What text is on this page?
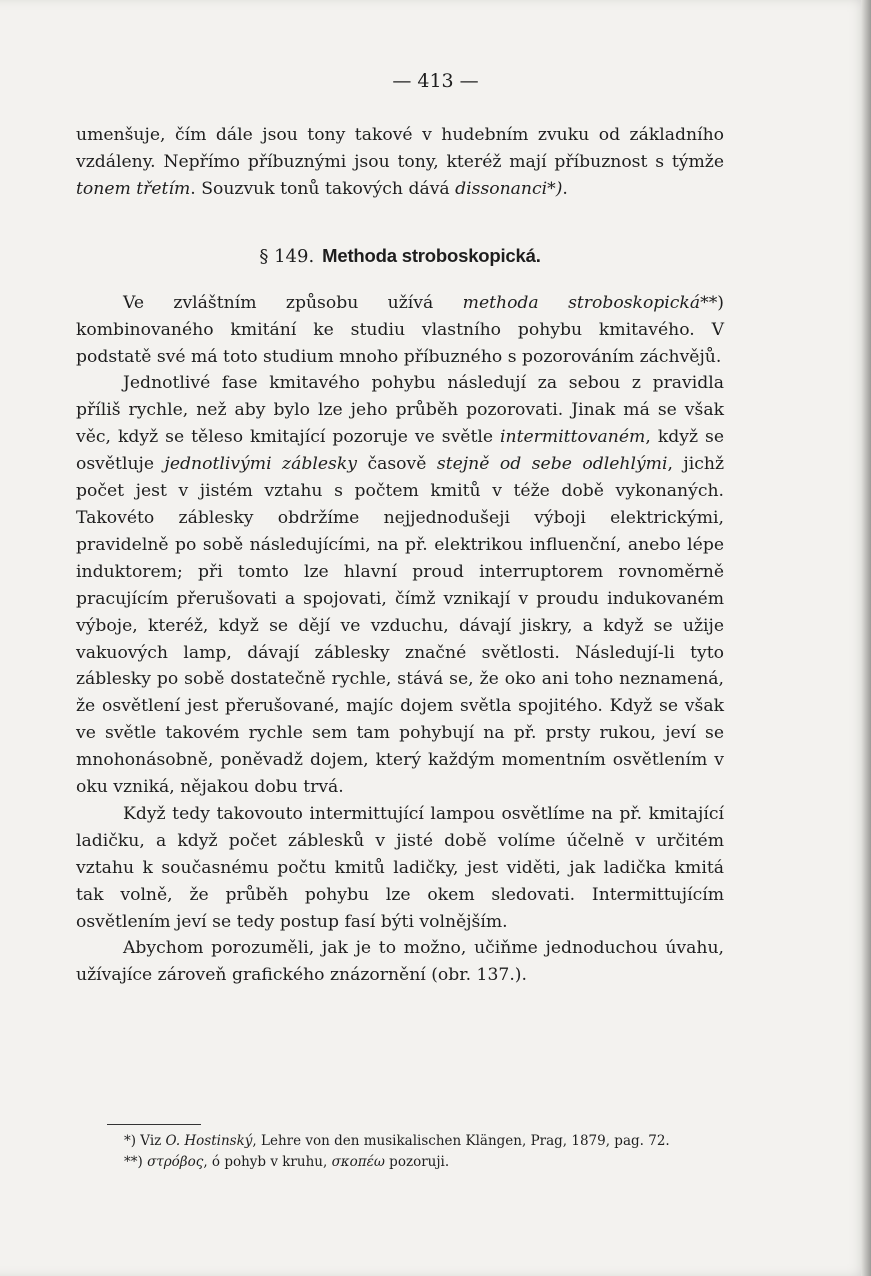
— 413 —

umenšuje, čím dále jsou tony takové v hudebním zvuku od základního vzdáleny. Nepřímo příbuznými jsou tony, kteréž mají příbuznost s týmže tonem třetím. Souzvuk tonů takových dává dissonanci*).

§ 149. Methoda stroboskopická.

Ve zvláštním způsobu užívá methoda stroboskopická**) kombinovaného kmitání ke studiu vlastního pohybu kmitavého. V podstatě své má toto studium mnoho příbuzného s pozorováním záchvějů.

Jednotlivé fase kmitavého pohybu následují za sebou z pravidla příliš rychle, než aby bylo lze jeho průběh pozorovati. Jinak má se však věc, když se těleso kmitající pozoruje ve světle intermittovaném, když se osvětluje jednotlivými záblesky časově stejně od sebe odlehlými, jichž počet jest v jistém vztahu s počtem kmitů v téže době vykonaných. Takovéto záblesky obdržíme nejjednodušeji výboji elektrickými, pravidelně po sobě následujícími, na př. elektrikou influenční, anebo lépe induktorem; při tomto lze hlavní proud interruptorem rovnoměrně pracujícím přerušovati a spojovati, čímž vznikají v proudu indukovaném výboje, kteréž, když se dějí ve vzduchu, dávají jiskry, a když se užije vakuových lamp, dávají záblesky značné světlosti. Následují-li tyto záblesky po sobě dostatečně rychle, stává se, že oko ani toho neznamená, že osvětlení jest přerušované, majíc dojem světla spojitého. Když se však ve světle takovém rychle sem tam pohybují na př. prsty rukou, jeví se mnohonásobně, poněvadž dojem, který každým momentním osvětlením v oku vzniká, nějakou dobu trvá.

Když tedy takovouto intermittující lampou osvětlíme na př. kmitající ladičku, a když počet záblesků v jisté době volíme účelně v určitém vztahu k současnému počtu kmitů ladičky, jest viděti, jak ladička kmitá tak volně, že průběh pohybu lze okem sledovati. Intermittujícím osvětlením jeví se tedy postup fasí býti volnějším.

Abychom porozuměli, jak je to možno, učiňme jednoduchou úvahu, užívajíce zároveň grafického znázornění (obr. 137.).

*) Viz O. Hostinský, Lehre von den musikalischen Klängen, Prag, 1879, pag. 72.

**) στρόβος, ó pohyb v kruhu, σκοπέω pozoruji.
